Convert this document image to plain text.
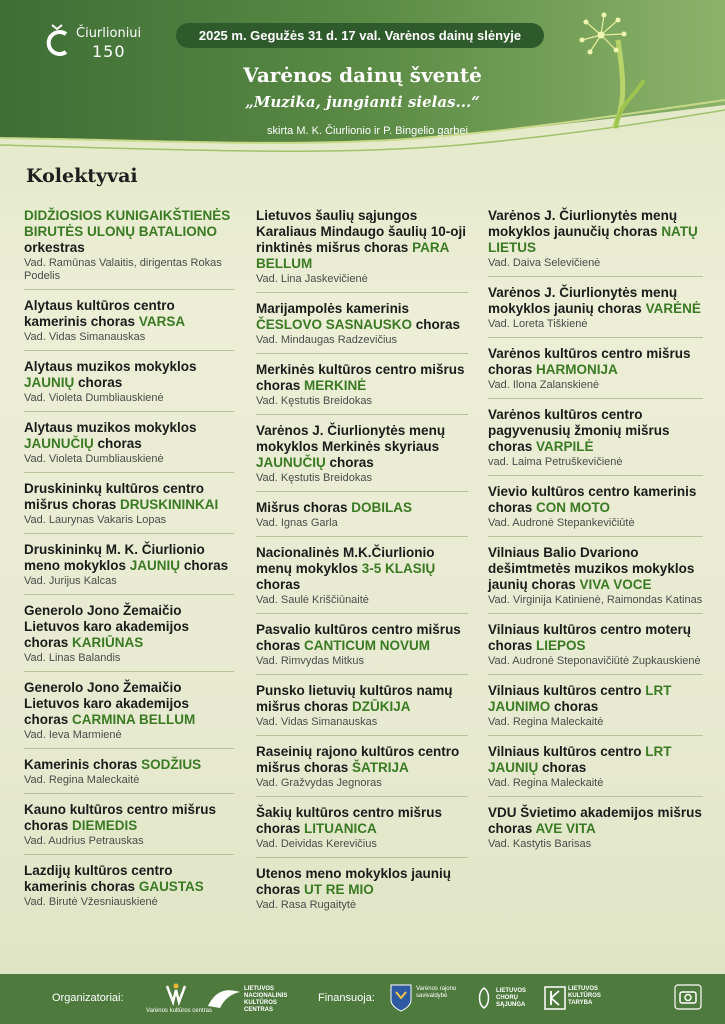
Čiurlioniui
150
2025 m. Gegužės 31 d. 17 val. Varėnos dainų slėnyje
Varėnos dainų šventė
„Muzika, jungianti sielas...“
skirta M. K. Čiurlionio ir P. Bingelio garbei
Kolektyvai
DIDŽIOSIOS KUNIGAIKŠTIENĖS BIRUTĖS ULONŲ BATALIONO orkestras
Vad. Ramūnas Valaitis, dirigentas Rokas Podelis
Alytaus kultūros centro kamerinis choras VARSA
Vad. Vidas Simanauskas
Alytaus muzikos mokyklos JAUNIŲ choras
Vad. Violeta Dumbliauskienė
Alytaus muzikos mokyklos JAUNUČIŲ choras
Vad. Violeta Dumbliauskienė
Druskininkų kultūros centro mišrus choras DRUSKININKAI
Vad. Laurynas Vakaris Lopas
Druskininkų M. K. Čiurlionio meno mokyklos JAUNIŲ choras
Vad. Jurijus Kalcas
Generolo Jono Žemaičio Lietuvos karo akademijos choras KARIŪNAS
Vad. Linas Balandis
Generolo Jono Žemaičio Lietuvos karo akademijos choras CARMINA BELLUM
Vad. Ieva Marmienė
Kamerinis choras SODŽIUS
Vad. Regina Maleckaitė
Kauno kultūros centro mišrus choras DIEMEDIS
Vad. Audrius Petrauskas
Lazdijų kultūros centro kamerinis choras GAUSTAS
Vad. Birutė Vžesniauskienė
Lietuvos šaulių sąjungos Karaliaus Mindaugo šaulių 10-oji rinktinės mišrus choras PARA BELLUM
Vad. Lina Jaskevičienė
Marijampolės kamerinis ČESLOVO SASNAUSKO choras
Vad. Mindaugas Radzevičius
Merkinės kultūros centro mišrus choras MERKINĖ
Vad. Kęstutis Breidokas
Varėnos J. Čiurlionytės menų mokyklos Merkinės skyriaus JAUNUČIŲ choras
Vad. Kęstutis Breidokas
Mišrus choras DOBILAS
Vad. Ignas Garla
Nacionalinės M.K.Čiurlionio menų mokyklos 3-5 KLASIŲ choras
Vad. Saulė Kriščiūnaitė
Pasvalio kultūros centro mišrus choras CANTICUM NOVUM
Vad. Rimvydas Mitkus
Punsko lietuvių kultūros namų mišrus choras DZŪKIJA
Vad. Vidas Simanauskas
Raseinių rajono kultūros centro mišrus choras ŠATRIJA
Vad. Gražvydas Jegnoras
Šakių kultūros centro mišrus choras LITUANICA
Vad. Deividas Kerevičius
Utenos meno mokyklos jaunių choras UT RE MIO
Vad. Rasa Rugaitytė
Varėnos J. Čiurlionytės menų mokyklos jaunučių choras NATŲ LIETUS
Vad. Daiva Selevičienė
Varėnos J. Čiurlionytės menų mokyklos jaunių choras VARĖNĖ
Vad. Loreta Tiškienė
Varėnos kultūros centro mišrus choras HARMONIJA
Vad. Ilona Zalanskienė
Varėnos kultūros centro pagyvenusių žmonių mišrus choras VARPILĖ
vad. Laima Petruškevičienė
Vievio kultūros centro kamerinis choras CON MOTO
Vad. Audronė Stepankevičiūtė
Vilniaus Balio Dvariono dešimtmetės muzikos mokyklos jaunių choras VIVA VOCE
Vad. Virginija Katinienė, Raimondas Katinas
Vilniaus kultūros centro moterų choras LIEPOS
Vad. Audronė Steponavičiūtė Zupkauskienė
Vilniaus kultūros centro LRT JAUNIMO choras
Vad. Regina Maleckaitė
Vilniaus kultūros centro LRT JAUNIŲ choras
Vad. Regina Maleckaitė
VDU Švietimo akademijos mišrus choras AVE VITA
Vad. Kastytis Barisas
Organizatoriai:
Varėnos kultūros centras
LIETUVOS NACIONALINIS KULTŪROS CENTRAS
Finansuoja:
Varėnos rajono savivaldybė
LIETUVOS CHORŲ SĄJUNGA
LIETUVOS KULTŪROS TARYBA
